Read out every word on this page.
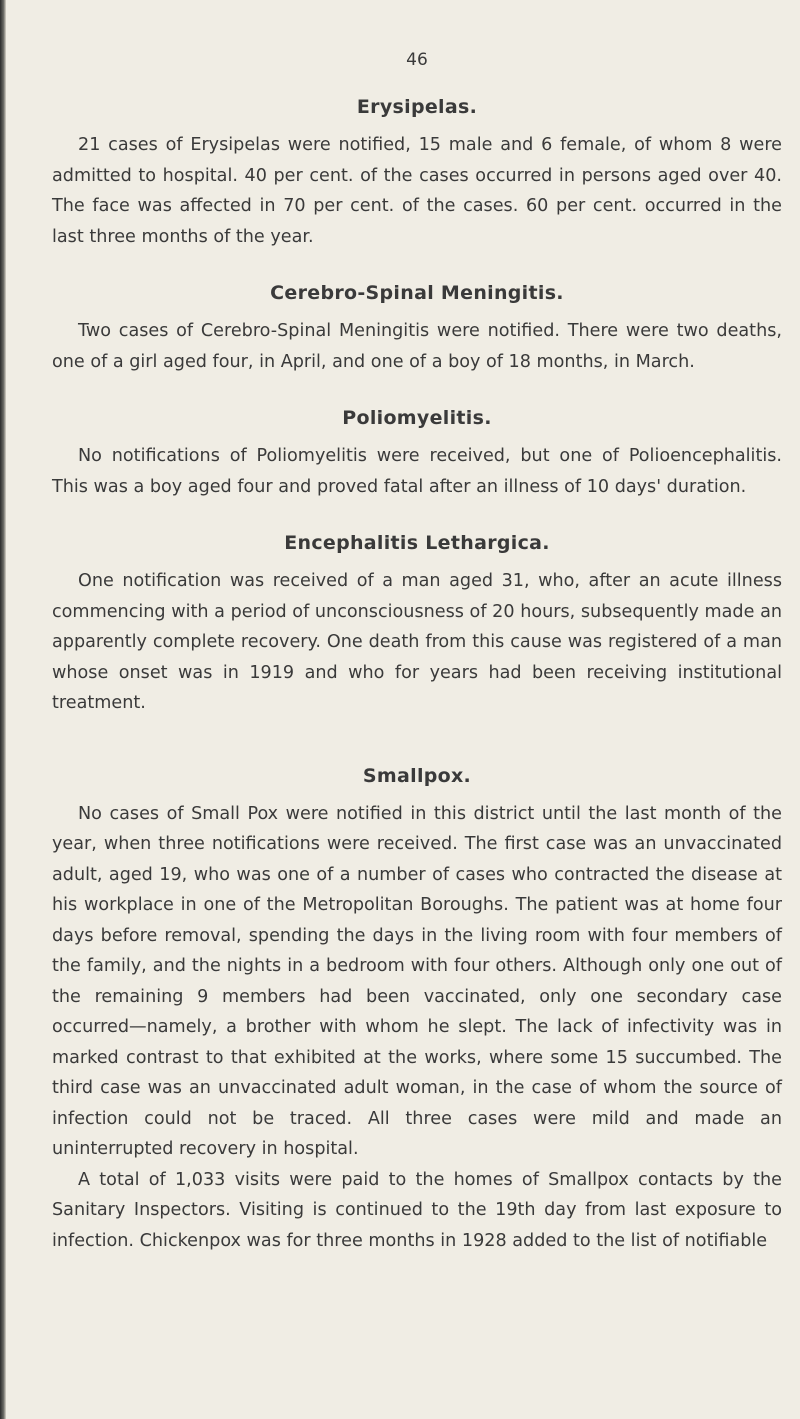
46
Erysipelas.

21 cases of Erysipelas were notified, 15 male and 6 female, of whom 8 were admitted to hospital. 40 per cent. of the cases occurred in persons aged over 40. The face was affected in 70 per cent. of the cases. 60 per cent. occurred in the last three months of the year.

Cerebro-Spinal Meningitis.

Two cases of Cerebro-Spinal Meningitis were notified. There were two deaths, one of a girl aged four, in April, and one of a boy of 18 months, in March.

Poliomyelitis.

No notifications of Poliomyelitis were received, but one of Polioencephalitis. This was a boy aged four and proved fatal after an illness of 10 days' duration.

Encephalitis Lethargica.

One notification was received of a man aged 31, who, after an acute illness commencing with a period of unconsciousness of 20 hours, subsequently made an apparently complete recovery. One death from this cause was registered of a man whose onset was in 1919 and who for years had been receiving institutional treatment.

Smallpox.

No cases of Small Pox were notified in this district until the last month of the year, when three notifications were received. The first case was an unvaccinated adult, aged 19, who was one of a number of cases who contracted the disease at his workplace in one of the Metropolitan Boroughs. The patient was at home four days before removal, spending the days in the living room with four members of the family, and the nights in a bedroom with four others. Although only one out of the remaining 9 members had been vaccinated, only one secondary case occurred—namely, a brother with whom he slept. The lack of infectivity was in marked contrast to that exhibited at the works, where some 15 succumbed. The third case was an unvaccinated adult woman, in the case of whom the source of infection could not be traced. All three cases were mild and made an uninterrupted recovery in hospital.

A total of 1,033 visits were paid to the homes of Smallpox contacts by the Sanitary Inspectors. Visiting is continued to the 19th day from last exposure to infection. Chickenpox was for three months in 1928 added to the list of notifiable
